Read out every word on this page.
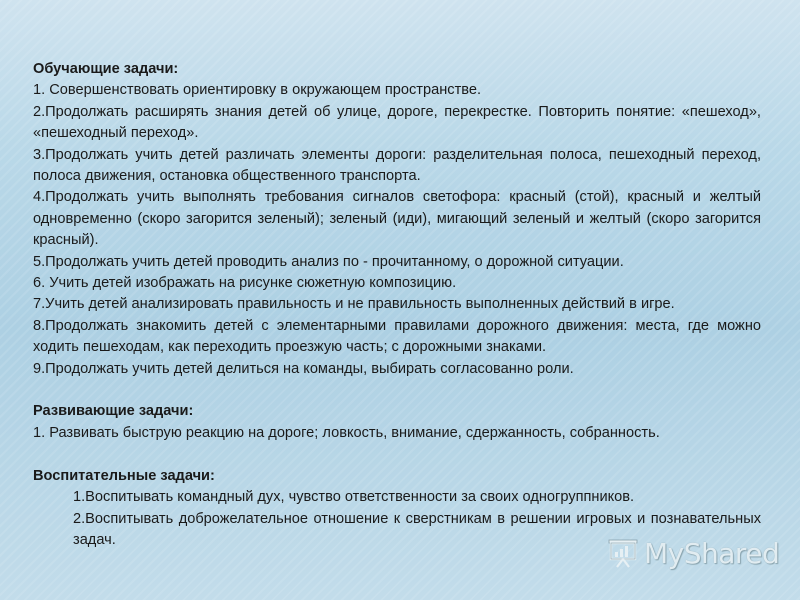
Обучающие задачи:

1. Совершенствовать ориентировку в окружающем пространстве.

2.Продолжать расширять знания детей об улице, дороге, перекрестке. Повторить понятие: «пешеход», «пешеходный переход».

3.Продолжать учить детей различать элементы дороги: разделительная полоса, пешеходный переход, полоса движения, остановка общественного транспорта.

4.Продолжать учить выполнять требования сигналов светофора: красный (стой), красный и желтый одновременно (скоро загорится зеленый); зеленый (иди), мигающий зеленый и желтый (скоро загорится красный).

5.Продолжать учить детей проводить анализ по - прочитанному, о дорожной ситуации.

6. Учить детей изображать на рисунке сюжетную композицию.

7.Учить детей анализировать правильность и не правильность выполненных действий в игре.

8.Продолжать знакомить детей с элементарными правилами дорожного движения: места, где можно ходить пешеходам, как переходить проезжую часть; с дорожными знаками.

9.Продолжать учить детей делиться на команды, выбирать согласованно роли.

Развивающие задачи:

1. Развивать быструю реакцию на дороге; ловкость, внимание, сдержанность, собранность.

Воспитательные задачи:

1.Воспитывать командный дух, чувство ответственности за своих одногруппников.

2.Воспитывать доброжелательное отношение к сверстникам в решении игровых и познавательных задач.	MyShared
